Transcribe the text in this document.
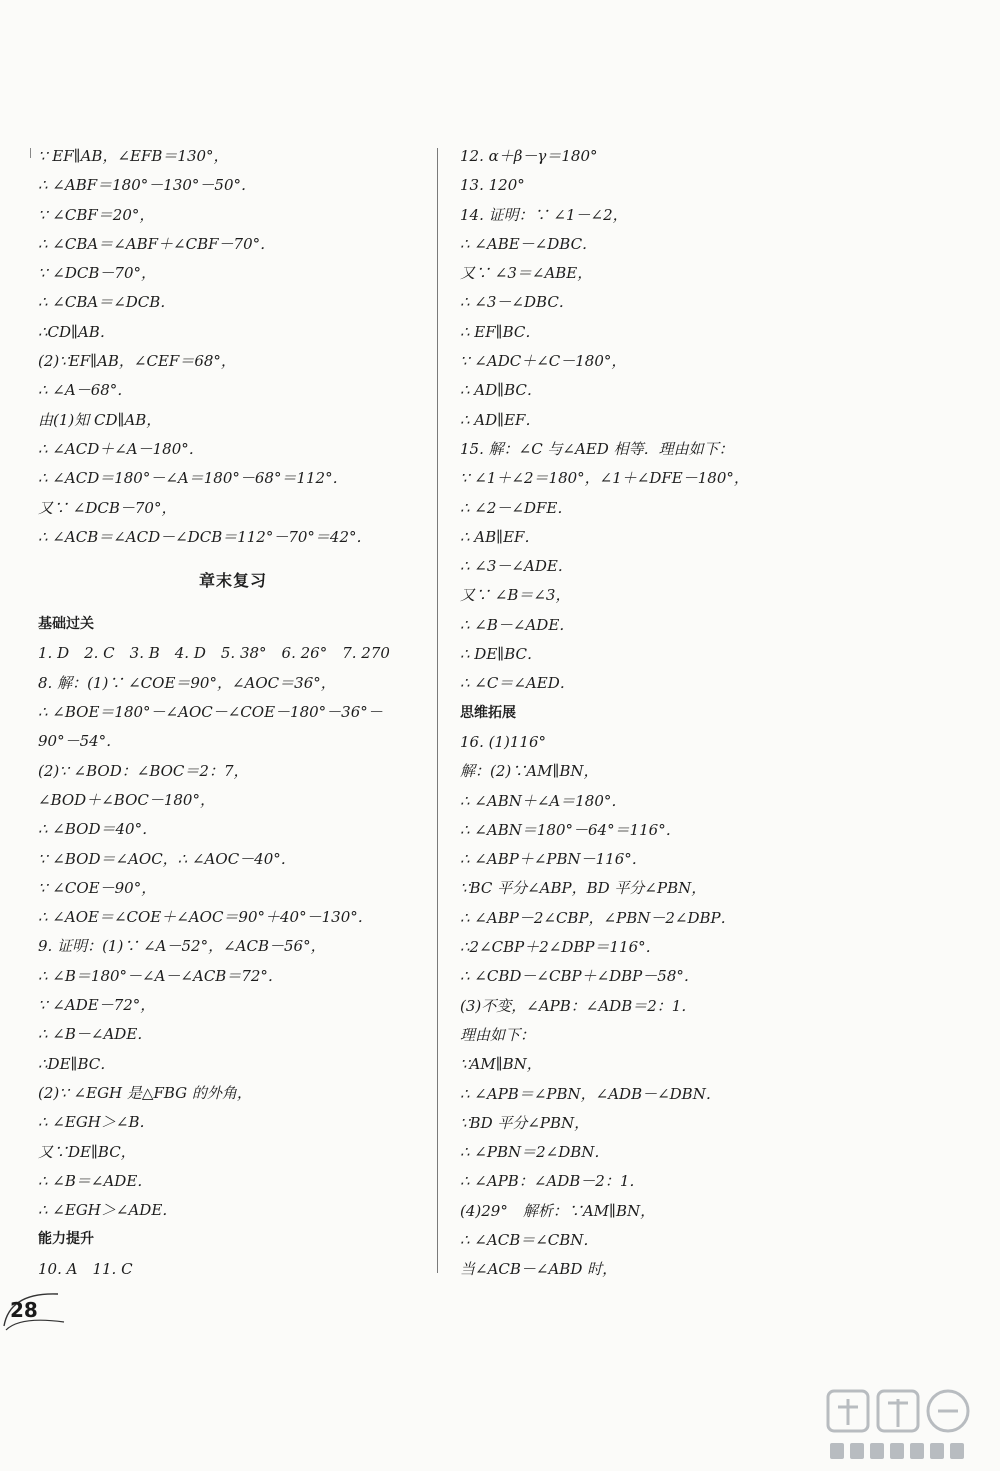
∵ EF∥AB，∠EFB＝130°，
∴ ∠ABF＝180°－130°－50°．
∵ ∠CBF＝20°，
∴ ∠CBA＝∠ABF＋∠CBF－70°．
∵ ∠DCB－70°，
∴ ∠CBA＝∠DCB．
∴CD∥AB．
(2)∵EF∥AB，∠CEF＝68°，
∴ ∠A－68°．
由(1)知 CD∥AB，
∴ ∠ACD＋∠A－180°．
∴ ∠ACD＝180°－∠A＝180°－68°＝112°．
又∵ ∠DCB－70°，
∴ ∠ACB＝∠ACD－∠DCB＝112°－70°＝42°．
章末复习
基础过关
1. D　2. C　3. B　4. D　5. 38°　6. 26°　7. 270
8. 解：(1)∵ ∠COE＝90°，∠AOC＝36°，
∴ ∠BOE＝180°－∠AOC－∠COE－180°－36°－
90°－54°．
(2)∵ ∠BOD：∠BOC＝2：7，
∠BOD＋∠BOC－180°，
∴ ∠BOD＝40°．
∵ ∠BOD＝∠AOC，∴ ∠AOC－40°．
∵ ∠COE－90°，
∴ ∠AOE＝∠COE＋∠AOC＝90°＋40°－130°．
9. 证明：(1)∵ ∠A－52°，∠ACB－56°，
∴ ∠B＝180°－∠A－∠ACB＝72°．
∵ ∠ADE－72°，
∴ ∠B－∠ADE．
∴DE∥BC．
(2)∵ ∠EGH 是△FBG 的外角，
∴ ∠EGH＞∠B．
又∵DE∥BC，
∴ ∠B＝∠ADE．
∴ ∠EGH＞∠ADE．
能力提升
10. A　11. C
12. α＋β－γ＝180°
13. 120°
14. 证明：∵ ∠1－∠2，
∴ ∠ABE－∠DBC．
又∵ ∠3＝∠ABE，
∴ ∠3－∠DBC．
∴ EF∥BC．
∵ ∠ADC＋∠C－180°，
∴ AD∥BC．
∴ AD∥EF．
15. 解：∠C 与∠AED 相等．理由如下：
∵ ∠1＋∠2＝180°，∠1＋∠DFE－180°，
∴ ∠2－∠DFE．
∴ AB∥EF．
∴ ∠3－∠ADE．
又∵ ∠B＝∠3，
∴ ∠B－∠ADE．
∴ DE∥BC．
∴ ∠C＝∠AED．
思维拓展
16. (1)116°
解：(2)∵AM∥BN，
∴ ∠ABN＋∠A＝180°．
∴ ∠ABN＝180°－64°＝116°．
∴ ∠ABP＋∠PBN－116°．
∵BC 平分∠ABP，BD 平分∠PBN，
∴ ∠ABP－2∠CBP，∠PBN－2∠DBP．
∴2∠CBP＋2∠DBP＝116°．
∴ ∠CBD－∠CBP＋∠DBP－58°．
(3)不变，∠APB：∠ADB＝2：1．
理由如下：
∵AM∥BN，
∴ ∠APB＝∠PBN，∠ADB－∠DBN．
∵BD 平分∠PBN，
∴ ∠PBN＝2∠DBN．
∴ ∠APB：∠ADB－2：1．
(4)29°　解析：∵AM∥BN，
∴ ∠ACB＝∠CBN．
当∠ACB－∠ABD 时，
28
